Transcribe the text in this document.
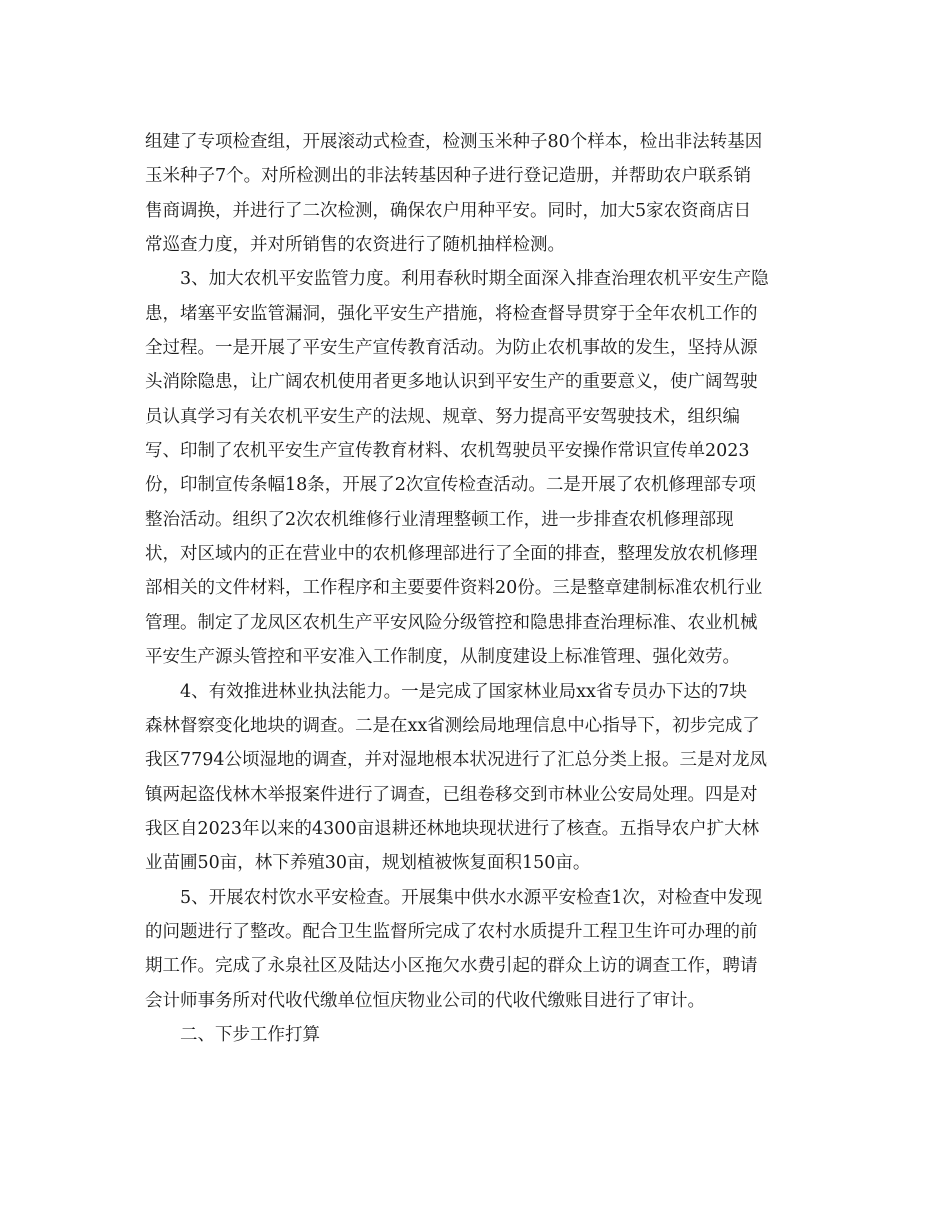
组建了专项检查组，开展滚动式检查，检测玉米种子80个样本，检出非法转基因
玉米种子7个。对所检测出的非法转基因种子进行登记造册，并帮助农户联系销
售商调换，并进行了二次检测，确保农户用种平安。同时，加大5家农资商店日
常巡查力度，并对所销售的农资进行了随机抽样检测。
3、加大农机平安监管力度。利用春秋时期全面深入排查治理农机平安生产隐
患，堵塞平安监管漏洞，强化平安生产措施，将检查督导贯穿于全年农机工作的
全过程。一是开展了平安生产宣传教育活动。为防止农机事故的发生，坚持从源
头消除隐患，让广阔农机使用者更多地认识到平安生产的重要意义，使广阔驾驶
员认真学习有关农机平安生产的法规、规章、努力提高平安驾驶技术，组织编
写、印制了农机平安生产宣传教育材料、农机驾驶员平安操作常识宣传单2023
份，印制宣传条幅18条，开展了2次宣传检查活动。二是开展了农机修理部专项
整治活动。组织了2次农机维修行业清理整顿工作，进一步排查农机修理部现
状，对区域内的正在营业中的农机修理部进行了全面的排查，整理发放农机修理
部相关的文件材料，工作程序和主要要件资料20份。三是整章建制标准农机行业
管理。制定了龙凤区农机生产平安风险分级管控和隐患排查治理标准、农业机械
平安生产源头管控和平安准入工作制度，从制度建设上标准管理、强化效劳。
4、有效推进林业执法能力。一是完成了国家林业局xx省专员办下达的7块
森林督察变化地块的调查。二是在xx省测绘局地理信息中心指导下，初步完成了
我区7794公顷湿地的调查，并对湿地根本状况进行了汇总分类上报。三是对龙凤
镇两起盗伐林木举报案件进行了调查，已组卷移交到市林业公安局处理。四是对
我区自2023年以来的4300亩退耕还林地块现状进行了核查。五指导农户扩大林
业苗圃50亩，林下养殖30亩，规划植被恢复面积150亩。
5、开展农村饮水平安检查。开展集中供水水源平安检查1次，对检查中发现
的问题进行了整改。配合卫生监督所完成了农村水质提升工程卫生许可办理的前
期工作。完成了永泉社区及陆达小区拖欠水费引起的群众上访的调查工作，聘请
会计师事务所对代收代缴单位恒庆物业公司的代收代缴账目进行了审计。
二、下步工作打算
